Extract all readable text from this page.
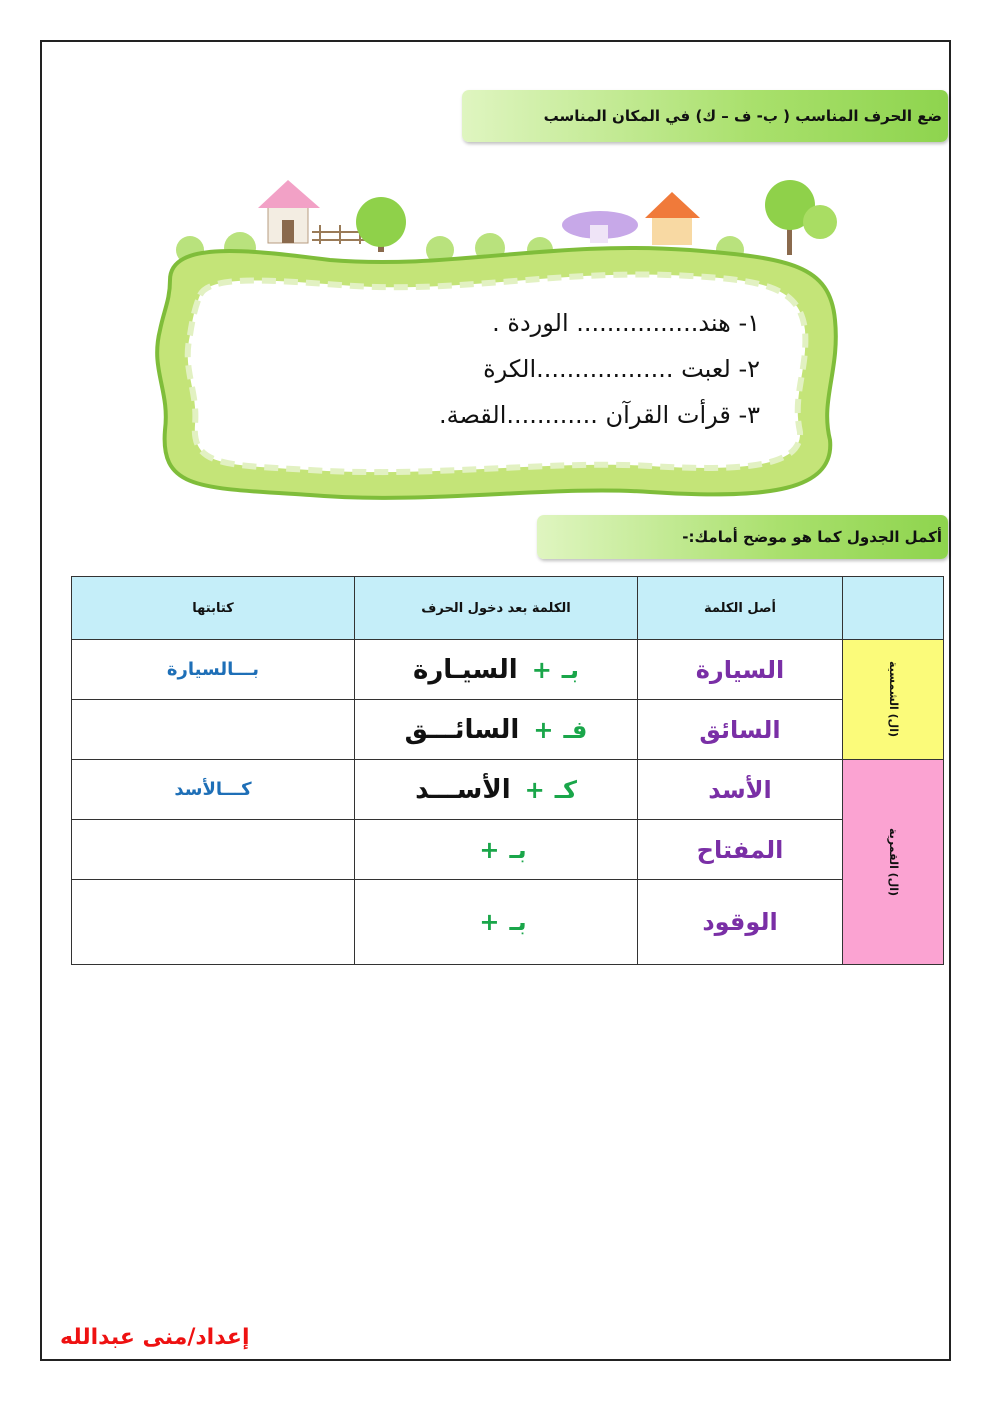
ضع الحرف المناسب ( ب- ف – ك) في المكان المناسب
١- هند................ الوردة .
٢- لعبت ..................الكرة
٣- قرأت القرآن ............القصة.
أكمل الجدول كما هو موضح أمامك:-
	أصل الكلمة	الكلمة بعد دخول الحرف	كتابتها

(ال) الشمسية	السيارة	بـ+السيـارة	بـــالسيارة
	السائق	فـ+السائـــق	

(ال) القمرية	الأسد	كـ+الأســـد	كـــالأسد
	المفتاح	بـ+	
	الوقود	بـ+	
إعداد/منى عبدالله
